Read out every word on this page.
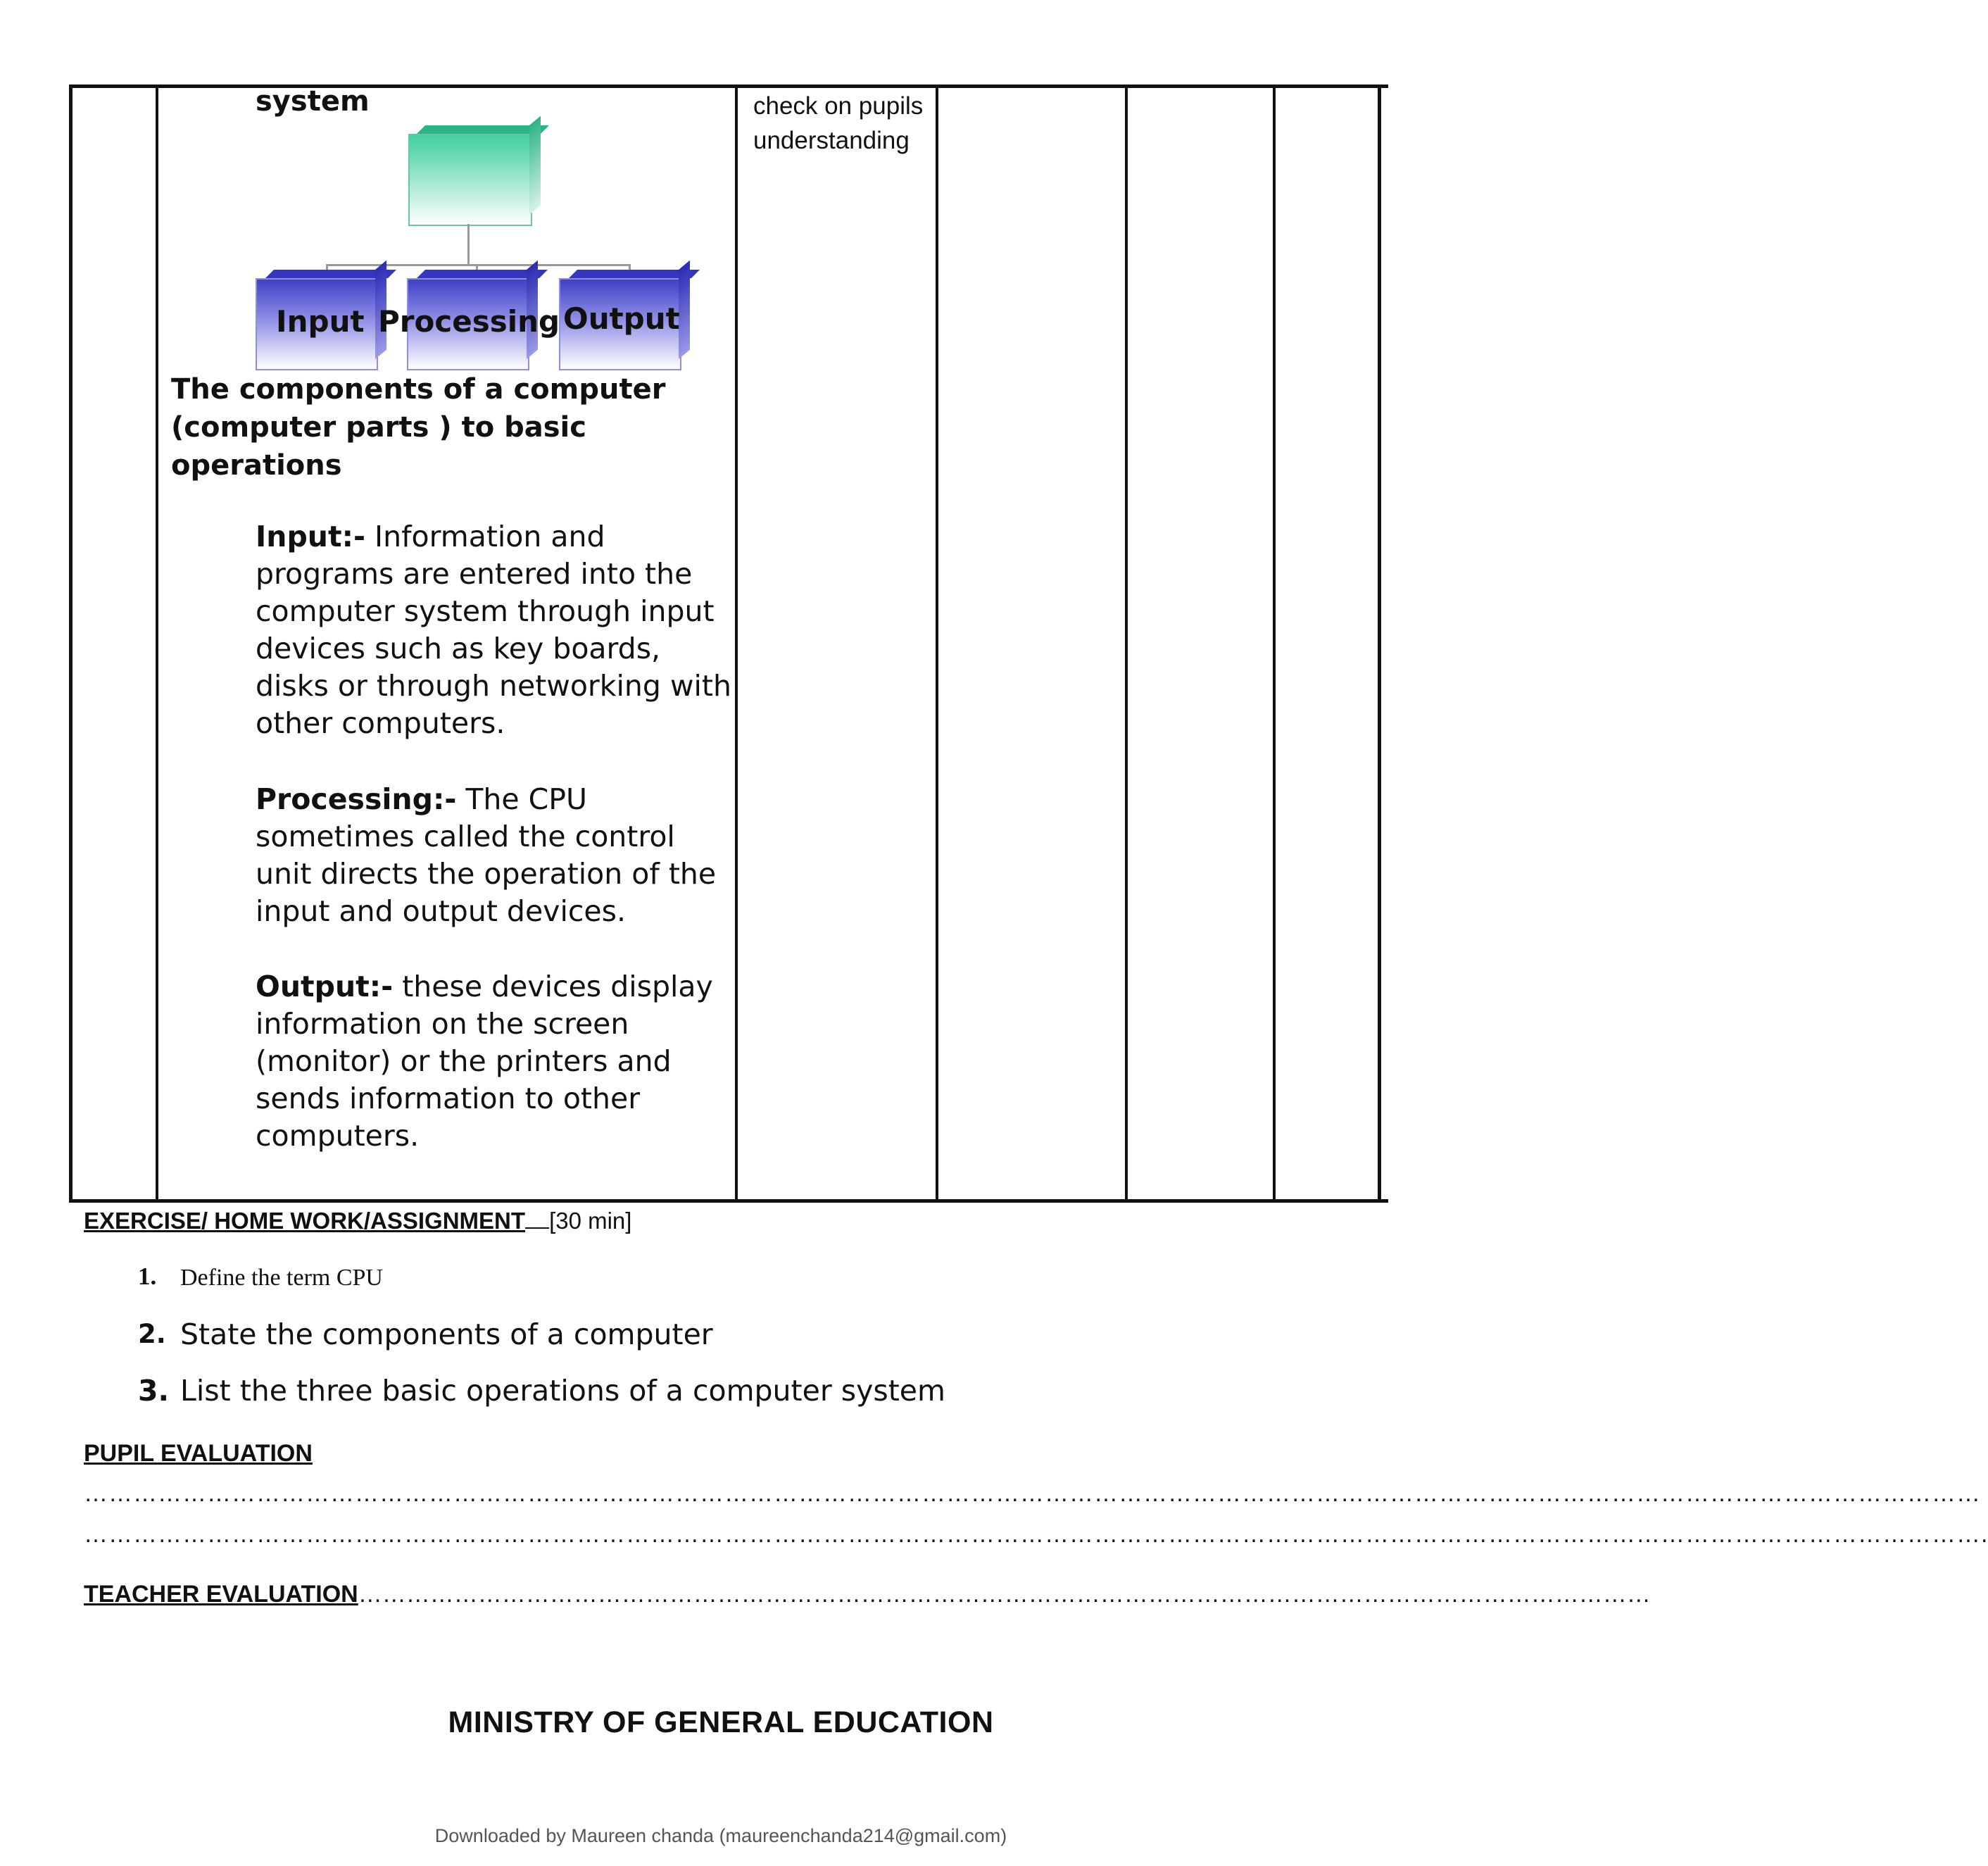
system	check on pupils understanding
Input Processing Output
The components of a computer (computer parts ) to basic operations
Input:- Information and programs are entered into the computer system through input devices such as key boards, disks or through networking with other computers.
Processing:- The CPU sometimes called the control unit directs the operation of the input and output devices.
Output:- these devices display information on the screen (monitor) or the printers and sends information to other computers.
EXERCISE/ HOME WORK/ASSIGNMENT [30 min]
1. Define the term CPU
2. State the components of a computer
3. List the three basic operations of a computer system
PUPIL EVALUATION
……………………………………………………………………………………………………………………………………………………………………………………………………………
…………………………………………………………………………………………………………………………………………………………………………………………………………….
TEACHER EVALUATION………………………………………………………………………………………………………………………………………………
MINISTRY OF GENERAL EDUCATION
Downloaded by Maureen chanda (maureenchanda214@gmail.com)
